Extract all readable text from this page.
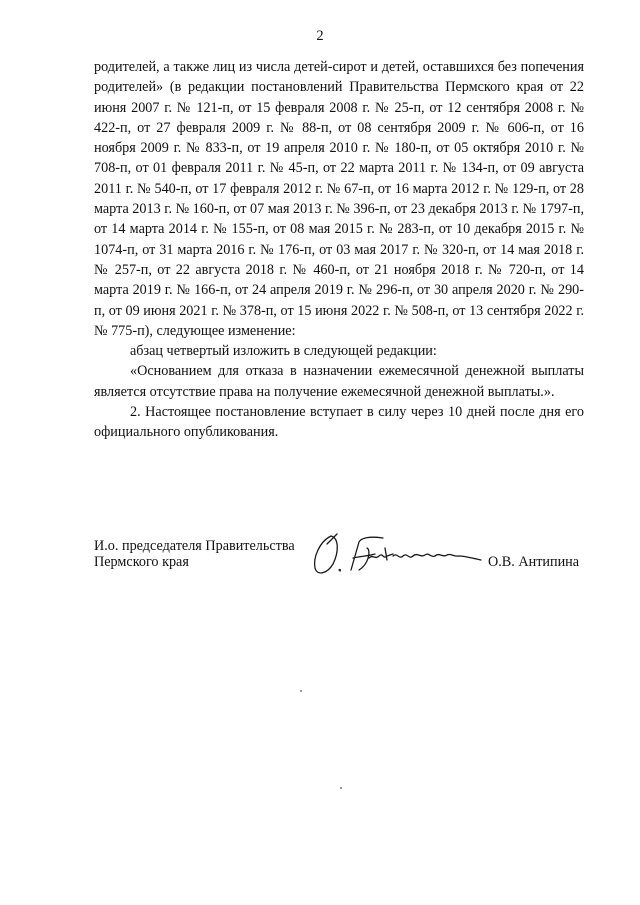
2

родителей, а также лиц из числа детей-сирот и детей, оставшихся без попечения родителей» (в редакции постановлений Правительства Пермского края от 22 июня 2007 г. № 121-п, от 15 февраля 2008 г. № 25-п, от 12 сентября 2008 г. № 422-п, от 27 февраля 2009 г. № 88-п, от 08 сентября 2009 г. № 606-п, от 16 ноября 2009 г. № 833-п, от 19 апреля 2010 г. № 180-п, от 05 октября 2010 г. № 708-п, от 01 февраля 2011 г. № 45-п, от 22 марта 2011 г. № 134-п, от 09 августа 2011 г. № 540-п, от 17 февраля 2012 г. № 67-п, от 16 марта 2012 г. № 129-п, от 28 марта 2013 г. № 160-п, от 07 мая 2013 г. № 396-п, от 23 декабря 2013 г. № 1797-п, от 14 марта 2014 г. № 155-п, от 08 мая 2015 г. № 283-п, от 10 декабря 2015 г. № 1074-п, от 31 марта 2016 г. № 176-п, от 03 мая 2017 г. № 320-п, от 14 мая 2018 г. № 257-п, от 22 августа 2018 г. № 460-п, от 21 ноября 2018 г. № 720-п, от 14 марта 2019 г. № 166-п, от 24 апреля 2019 г. № 296-п, от 30 апреля 2020 г. № 290-п, от 09 июня 2021 г. № 378-п, от 15 июня 2022 г. № 508-п, от 13 сентября 2022 г. № 775-п), следующее изменение:

абзац четвертый изложить в следующей редакции:

«Основанием для отказа в назначении ежемесячной денежной выплаты является отсутствие права на получение ежемесячной денежной выплаты.».

2. Настоящее постановление вступает в силу через 10 дней после дня его официального опубликования.

И.о. председателя Правительства
Пермского края	О.В. Антипина
